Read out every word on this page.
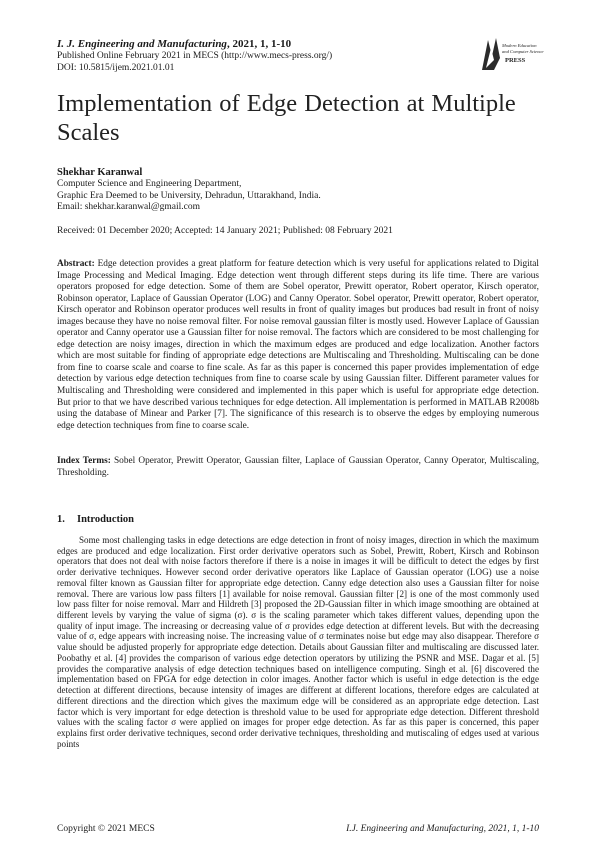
I. J. Engineering and Manufacturing, 2021, 1, 1-10
Published Online February 2021 in MECS (http://www.mecs-press.org/)
DOI: 10.5815/ijem.2021.01.01
Modern Education
and Computer Science
PRESS
Implementation of Edge Detection at Multiple Scales
Shekhar Karanwal
Computer Science and Engineering Department,
Graphic Era Deemed to be University, Dehradun, Uttarakhand, India.
Email: shekhar.karanwal@gmail.com
Received: 01 December 2020; Accepted: 14 January 2021; Published: 08 February 2021

Abstract: Edge detection provides a great platform for feature detection which is very useful for applications related to Digital Image Processing and Medical Imaging. Edge detection went through different steps during its life time. There are various operators proposed for edge detection. Some of them are Sobel operator, Prewitt operator, Robert operator, Kirsch operator, Robinson operator, Laplace of Gaussian Operator (LOG) and Canny Operator. Sobel operator, Prewitt operator, Robert operator, Kirsch operator and Robinson operator produces well results in front of quality images but produces bad result in front of noisy images because they have no noise removal filter. For noise removal gaussian filter is mostly used. However Laplace of Gaussian operator and Canny operator use a Gaussian filter for noise removal. The factors which are considered to be most challenging for edge detection are noisy images, direction in which the maximum edges are produced and edge localization. Another factors which are most suitable for finding of appropriate edge detections are Multiscaling and Thresholding. Multiscaling can be done from fine to coarse scale and coarse to fine scale. As far as this paper is concerned this paper provides implementation of edge detection by various edge detection techniques from fine to coarse scale by using Gaussian filter. Different parameter values for Multiscaling and Thresholding were considered and implemented in this paper which is useful for appropriate edge detection. But prior to that we have described various techniques for edge detection. All implementation is performed in MATLAB R2008b using the database of Minear and Parker [7]. The significance of this research is to observe the edges by employing numerous edge detection techniques from fine to coarse scale.

Index Terms: Sobel Operator, Prewitt Operator, Gaussian filter, Laplace of Gaussian Operator, Canny Operator, Multiscaling, Thresholding.

1. Introduction

Some most challenging tasks in edge detections are edge detection in front of noisy images, direction in which the maximum edges are produced and edge localization. First order derivative operators such as Sobel, Prewitt, Robert, Kirsch and Robinson operators that does not deal with noise factors therefore if there is a noise in images it will be difficult to detect the edges by first order derivative techniques. However second order derivative operators like Laplace of Gaussian operator (LOG) use a noise removal filter known as Gaussian filter for appropriate edge detection. Canny edge detection also uses a Gaussian filter for noise removal. There are various low pass filters [1] available for noise removal. Gaussian filter [2] is one of the most commonly used low pass filter for noise removal. Marr and Hildreth [3] proposed the 2D-Gaussian filter in which image smoothing are obtained at different levels by varying the value of sigma (σ). σ is the scaling parameter which takes different values, depending upon the quality of input image. The increasing or decreasing value of σ provides edge detection at different levels. But with the decreasing value of σ, edge appears with increasing noise. The increasing value of σ terminates noise but edge may also disappear. Therefore σ value should be adjusted properly for appropriate edge detection. Details about Gaussian filter and multiscaling are discussed later. Poobathy et al. [4] provides the comparison of various edge detection operators by utilizing the PSNR and MSE. Dagar et al. [5] provides the comparative analysis of edge detection techniques based on intelligence computing. Singh et al. [6] discovered the implementation based on FPGA for edge detection in color images. Another factor which is useful in edge detection is the edge detection at different directions, because intensity of images are different at different locations, therefore edges are calculated at different directions and the direction which gives the maximum edge will be considered as an appropriate edge detection. Last factor which is very important for edge detection is threshold value to be used for appropriate edge detection. Different threshold values with the scaling factor σ were applied on images for proper edge detection. As far as this paper is concerned, this paper explains first order derivative techniques, second order derivative techniques, thresholding and mutiscaling of edges used at various points

Copyright © 2021 MECS	I.J. Engineering and Manufacturing, 2021, 1, 1-10
